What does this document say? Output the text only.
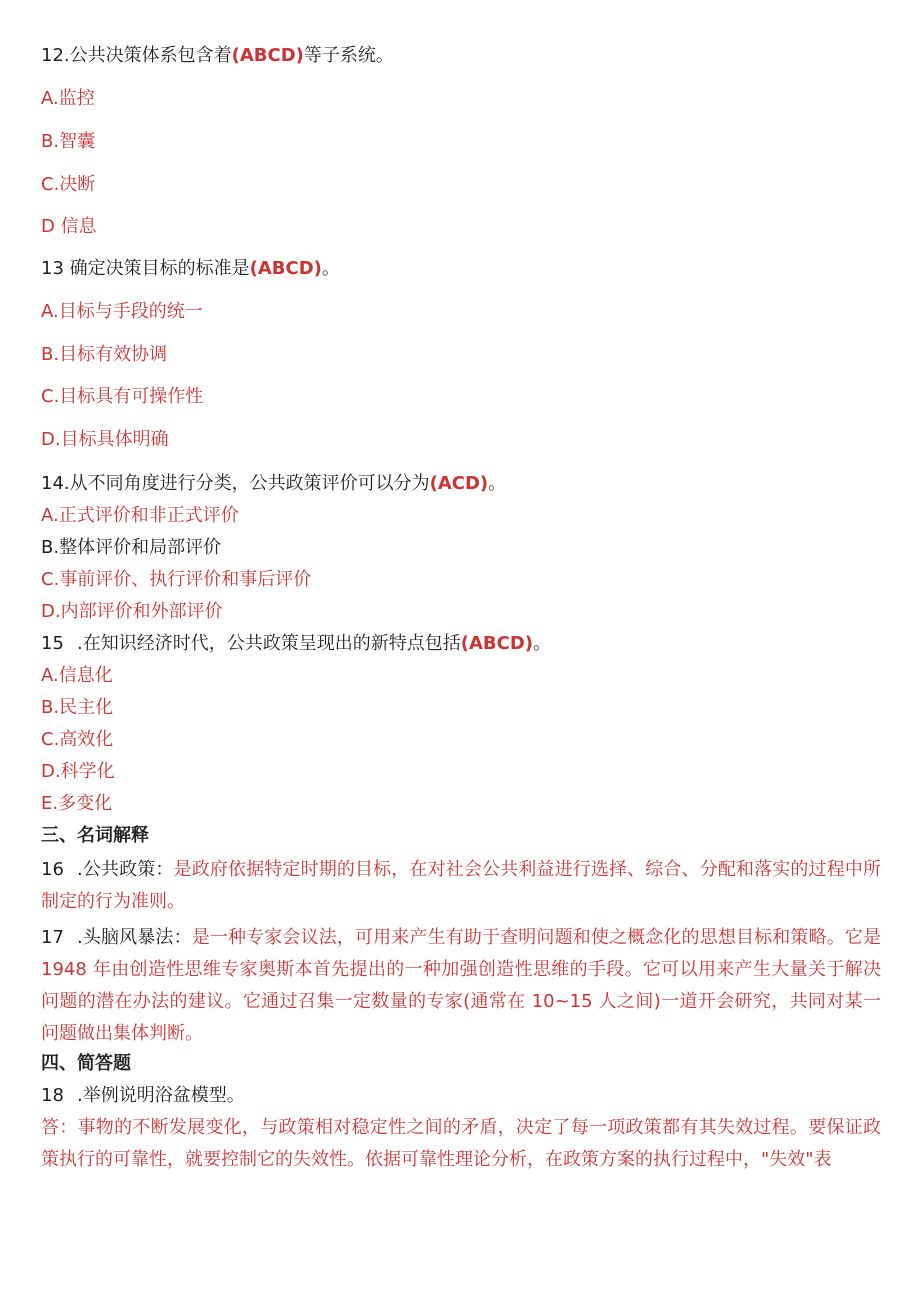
12.公共决策体系包含着(ABCD)等子系统。
A.监控
B.智囊
C.决断
D 信息
13 确定决策目标的标准是(ABCD)。
A.目标与手段的统一
B.目标有效协调
C.目标具有可操作性
D.目标具体明确
14.从不同角度进行分类，公共政策评价可以分为(ACD)。
A.正式评价和非正式评价
B.整体评价和局部评价
C.事前评价、执行评价和事后评价
D.内部评价和外部评价
15 .在知识经济时代，公共政策呈现出的新特点包括(ABCD)。
A.信息化
B.民主化
C.高效化
D.科学化
E.多变化
三、名词解释
16 .公共政策：是政府依据特定时期的目标，在对社会公共利益进行选择、综合、分配和落实的过程中所制定的行为准则。
17 .头脑风暴法：是一种专家会议法，可用来产生有助于查明问题和使之概念化的思想目标和策略。它是 1948 年由创造性思维专家奥斯本首先提出的一种加强创造性思维的手段。它可以用来产生大量关于解决问题的潜在办法的建议。它通过召集一定数量的专家(通常在 10~15 人之间)一道开会研究，共同对某一问题做出集体判断。
四、简答题
18 .举例说明浴盆模型。
答：事物的不断发展变化，与政策相对稳定性之间的矛盾，决定了每一项政策都有其失效过程。要保证政策执行的可靠性，就要控制它的失效性。依据可靠性理论分析，在政策方案的执行过程中，"失效"表
